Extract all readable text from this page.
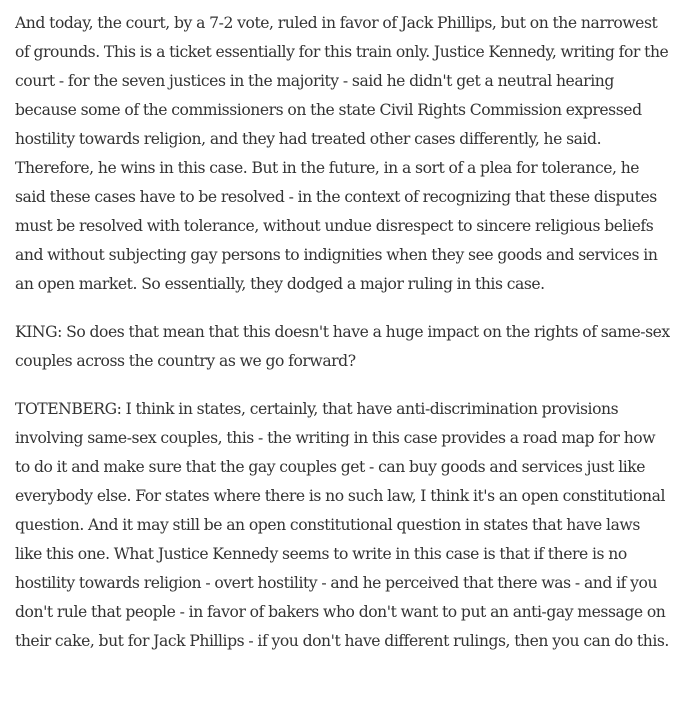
And today, the court, by a 7-2 vote, ruled in favor of Jack Phillips, but on the narrowest of grounds. This is a ticket essentially for this train only. Justice Kennedy, writing for the court - for the seven justices in the majority - said he didn't get a neutral hearing because some of the commissioners on the state Civil Rights Commission expressed hostility towards religion, and they had treated other cases differently, he said. Therefore, he wins in this case. But in the future, in a sort of a plea for tolerance, he said these cases have to be resolved - in the context of recognizing that these disputes must be resolved with tolerance, without undue disrespect to sincere religious beliefs and without subjecting gay persons to indignities when they see goods and services in an open market. So essentially, they dodged a major ruling in this case.

KING: So does that mean that this doesn't have a huge impact on the rights of same-sex couples across the country as we go forward?

TOTENBERG: I think in states, certainly, that have anti-discrimination provisions involving same-sex couples, this - the writing in this case provides a road map for how to do it and make sure that the gay couples get - can buy goods and services just like everybody else. For states where there is no such law, I think it's an open constitutional question. And it may still be an open constitutional question in states that have laws like this one. What Justice Kennedy seems to write in this case is that if there is no hostility towards religion - overt hostility - and he perceived that there was - and if you don't rule that people - in favor of bakers who don't want to put an anti-gay message on their cake, but for Jack Phillips - if you don't have different rulings, then you can do this.
